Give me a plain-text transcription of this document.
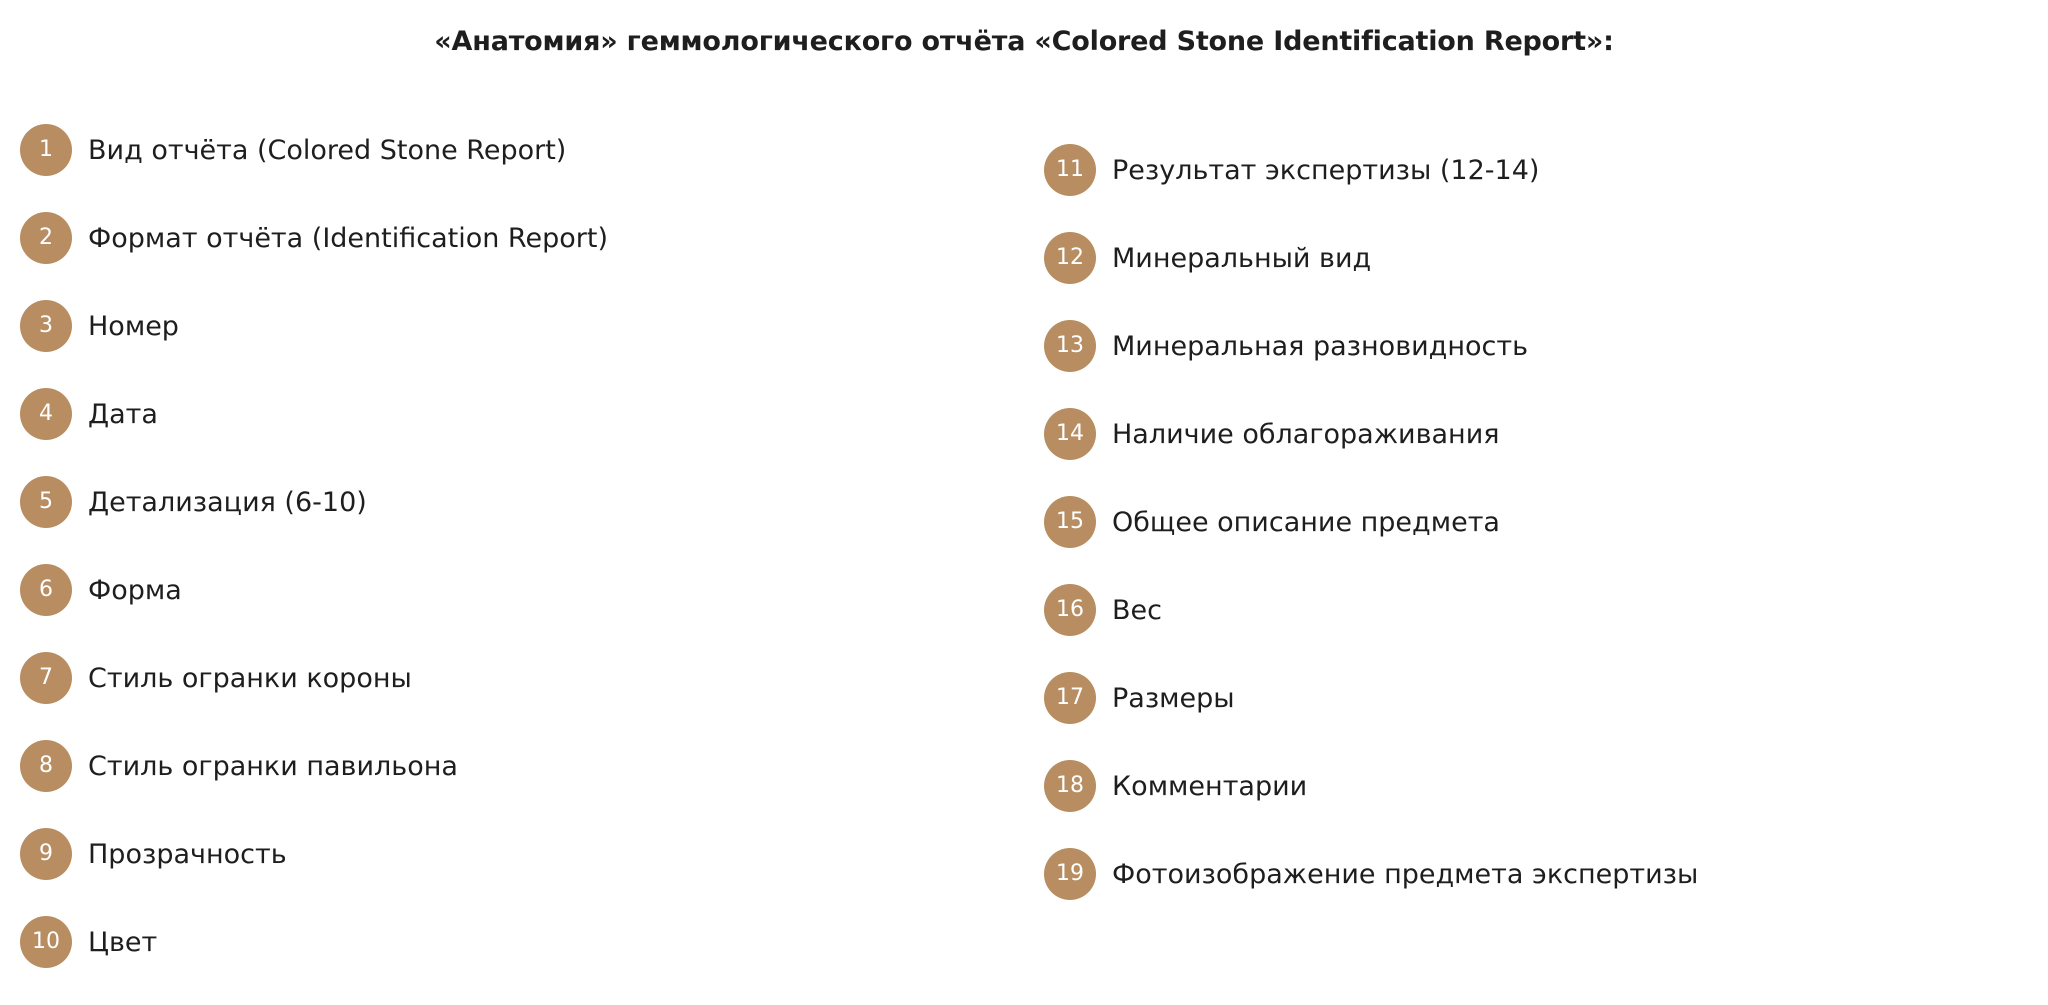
«Анатомия» геммологического отчёта «Colored Stone Identification Report»:
1	Вид отчёта (Colored Stone Report)
2	Формат отчёта (Identification Report)
3	Номер
4	Дата
5	Детализация (6-10)
6	Форма
7	Стиль огранки короны
8	Стиль огранки павильона
9	Прозрачность
10	Цвет
11	Результат экспертизы (12-14)
12	Минеральный вид
13	Минеральная разновидность
14	Наличие облагораживания
15	Общее описание предмета
16	Вес
17	Размеры
18	Комментарии
19	Фотоизображение предмета экспертизы
